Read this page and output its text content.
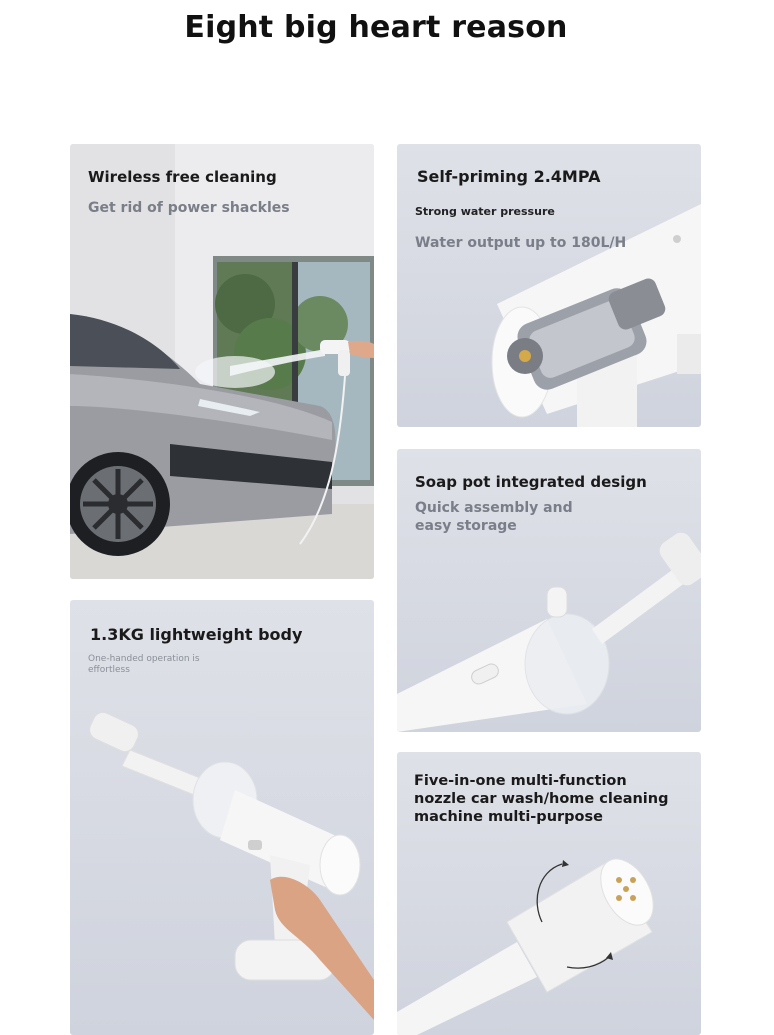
Eight big heart reason
Wireless free cleaning
Get rid of power shackles
Self-priming 2.4MPA
Strong water pressure
Water output up to 180L/H
Soap pot integrated design
Quick assembly and
easy storage
1.3KG lightweight body
One-handed operation is
effortless
Five-in-one multi-function
nozzle car wash/home cleaning
machine multi-purpose
